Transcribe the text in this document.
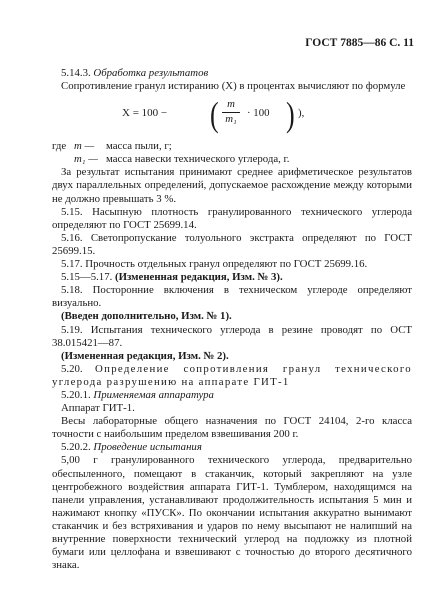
ГОСТ 7885—86 С. 11

5.14.3. Обработка результатов

Сопротивление гранул истиранию (X) в процентах вычисляют по формуле

X = 100 − ( $\frac{m}{\text{m₁}} \cdot 100$ ) ),
где m —	масса пыли, г;
m₁ — масса навески технического углерода, г.

За результат испытания принимают среднее арифметическое результатов двух параллельных определений, допускаемое расхождение между которыми не должно превышать 3 %.

5.15. Насыпную плотность гранулированного технического углерода определяют по ГОСТ 25699.14.

5.16. Светопропускание толуольного экстракта определяют по ГОСТ 25699.15.

5.17. Прочность отдельных гранул определяют по ГОСТ 25699.16.

5.15—5.17. (Измененная редакция, Изм. № 3).

5.18. Посторонние включения в техническом углероде определяют визуально.

(Введен дополнительно, Изм. № 1).

5.19. Испытания технического углерода в резине проводят по ОСТ 38.015421—87.

(Измененная редакция, Изм. № 2).

5.20. Определение сопротивления гранул технического углерода разрушению на аппарате ГИТ-1

5.20.1. Применяемая аппаратура

Аппарат ГИТ-1.

Весы лабораторные общего назначения по ГОСТ 24104, 2-го класса точности с наибольшим пределом взвешивания 200 г.

5.20.2. Проведение испытания

5,00 г гранулированного технического углерода, предварительно обеспыленного, помещают в стаканчик, который закрепляют на узле центробежного воздействия аппарата ГИТ-1. Тумблером, находящимся на панели управления, устанавливают продолжительность испытания 5 мин и нажимают кнопку «ПУСК». По окончании испытания аккуратно вынимают стаканчик и без встряхивания и ударов по нему высыпают не налипший на внутренние поверхности технический углерод на подложку из плотной бумаги или целлофана и взвешивают с точностью до второго десятичного знака.
